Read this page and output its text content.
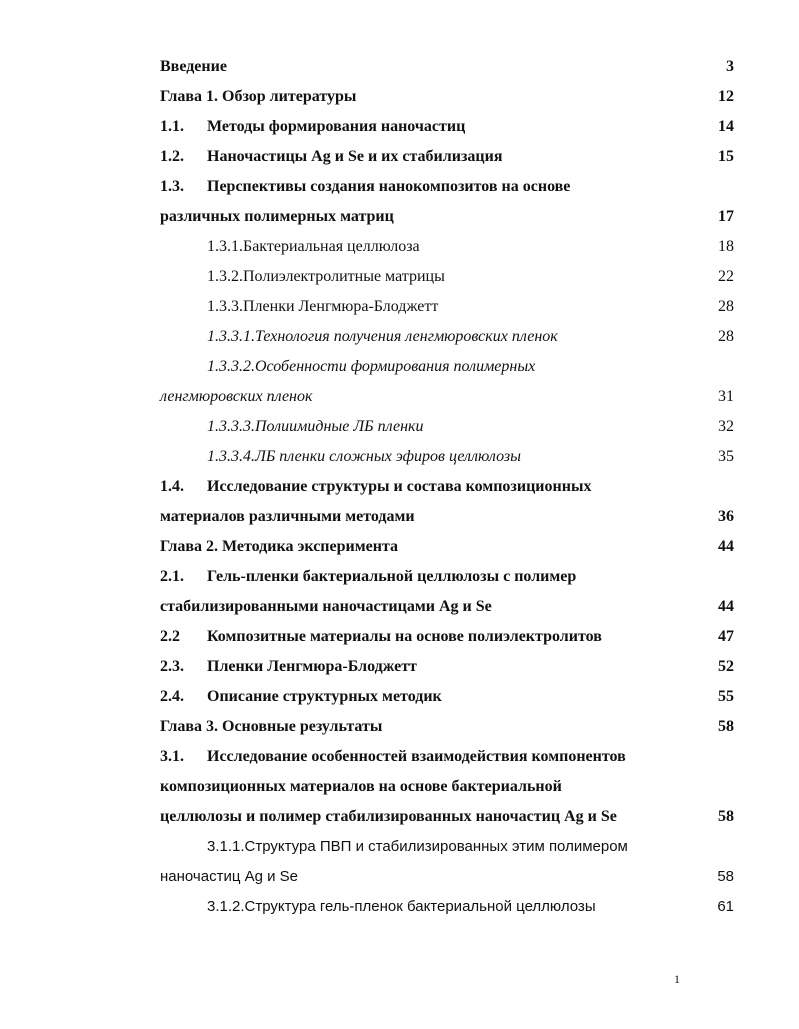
Введение	3
Глава 1. Обзор литературы	12
1.1. Методы формирования наночастиц	14
1.2. Наночастицы Ag и Se и их стабилизация	15
1.3. Перспективы создания нанокомпозитов на основе
различных полимерных матриц	17
1.3.1.Бактериальная целлюлоза	18
1.3.2.Полиэлектролитные матрицы	22
1.3.3.Пленки Ленгмюра-Блоджетт	28
1.3.3.1.Технология получения ленгмюровских пленок	28
1.3.3.2.Особенности формирования полимерных
ленгмюровских пленок	31
1.3.3.3.Полиимидные ЛБ пленки	32
1.3.3.4.ЛБ пленки сложных эфиров целлюлозы	35
1.4. Исследование структуры и состава композиционных
материалов различными методами	36
Глава 2. Методика эксперимента	44
2.1. Гель-пленки бактериальной целлюлозы с полимер
стабилизированными наночастицами Ag и Se	44
2.2 Композитные материалы на основе полиэлектролитов	47
2.3. Пленки Ленгмюра-Блоджетт	52
2.4. Описание структурных методик	55
Глава 3. Основные результаты	58
3.1. Исследование особенностей взаимодействия компонентов
композиционных материалов на основе бактериальной
целлюлозы и полимер стабилизированных наночастиц Ag и Se	58
3.1.1.Структура ПВП и стабилизированных этим полимером
наночастиц Ag и Se	58
3.1.2.Структура гель-пленок бактериальной целлюлозы	61
1
